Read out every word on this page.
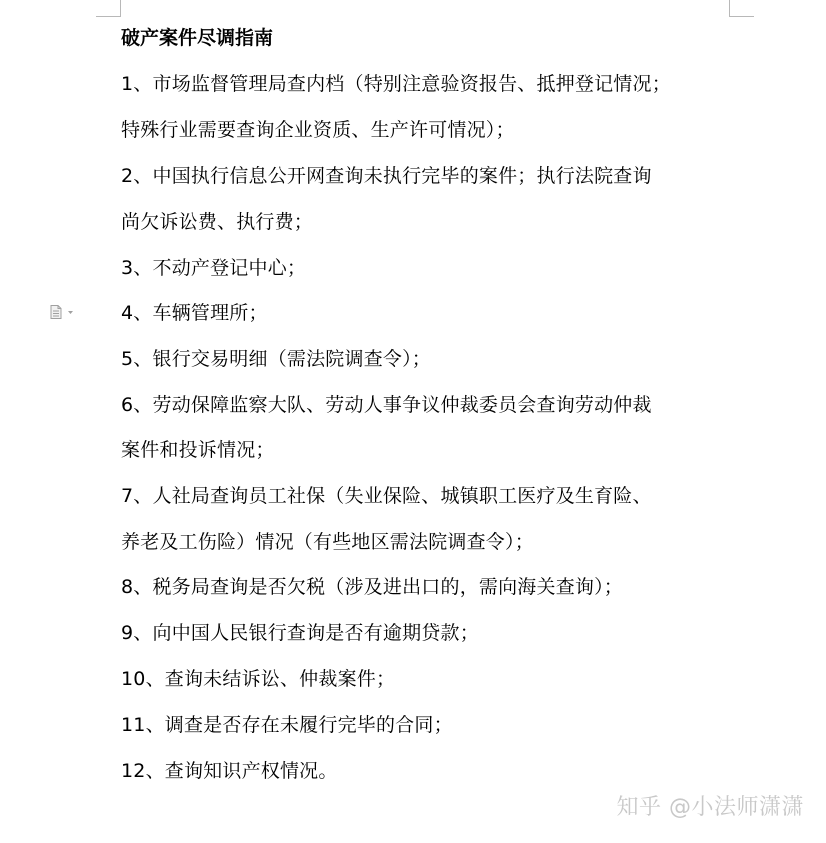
破产案件尽调指南
1、市场监督管理局查内档（特别注意验资报告、抵押登记情况；
特殊行业需要查询企业资质、生产许可情况）；
2、中国执行信息公开网查询未执行完毕的案件；执行法院查询
尚欠诉讼费、执行费；
3、不动产登记中心；
4、车辆管理所；
5、银行交易明细（需法院调查令）；
6、劳动保障监察大队、劳动人事争议仲裁委员会查询劳动仲裁
案件和投诉情况；
7、人社局查询员工社保（失业保险、城镇职工医疗及生育险、
养老及工伤险）情况（有些地区需法院调查令）；
8、税务局查询是否欠税（涉及进出口的，需向海关查询）；
9、向中国人民银行查询是否有逾期贷款；
10、查询未结诉讼、仲裁案件；
11、调查是否存在未履行完毕的合同；
12、查询知识产权情况。
知乎 @小法师潇潇
